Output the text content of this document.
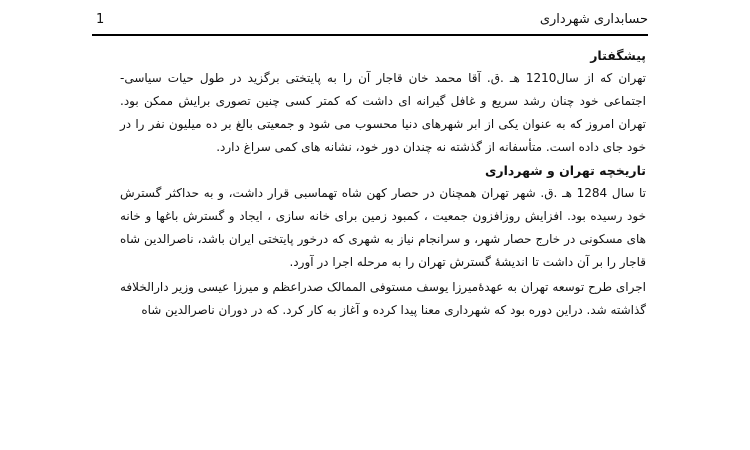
1	حسابداری شهرداری
پیشگفتار

تهران که از سال1210 هـ .ق. آقا محمد خان قاجار آن را به پایتختی برگزید در طول حیات سیاسی- اجتماعی خود چنان رشد سریع و غافل گیرانه ای داشت که کمتر کسی چنین تصوری برایش ممکن بود. تهران امروز که به عنوان یکی از ابر شهرهای دنیا محسوب می شود و جمعیتی بالغ بر ده میلیون نفر را در خود جای داده است. متأسفانه از گذشته نه چندان دور خود، نشانه های کمی سراغ دارد.

تاریخچه تهران و شهرداری

تا سال 1284 هـ .ق. شهر تهران همچنان در حصار کهن شاه تهماسبی قرار داشت، و به حداکثر گسترش خود رسیده بود. افزایش روزافزون جمعیت ، کمبود زمین برای خانه سازی ، ایجاد و گسترش باغها و خانه های مسکونی در خارج حصار شهر، و سرانجام نیاز به شهری که درخور پایتختی ایران باشد، ناصرالدین شاه قاجار را بر آن داشت تا اندیشۀ گسترش تهران را به مرحله اجرا در آورد.

اجرای طرح توسعه تهران به عهدۀمیرزا یوسف مستوفی الممالک صدراعظم و میرزا عیسی وزیر دارالخلافه گذاشته شد. دراین دوره بود که شهرداری معنا پیدا کرده و آغاز به کار کرد. که در دوران ناصرالدین شاه
